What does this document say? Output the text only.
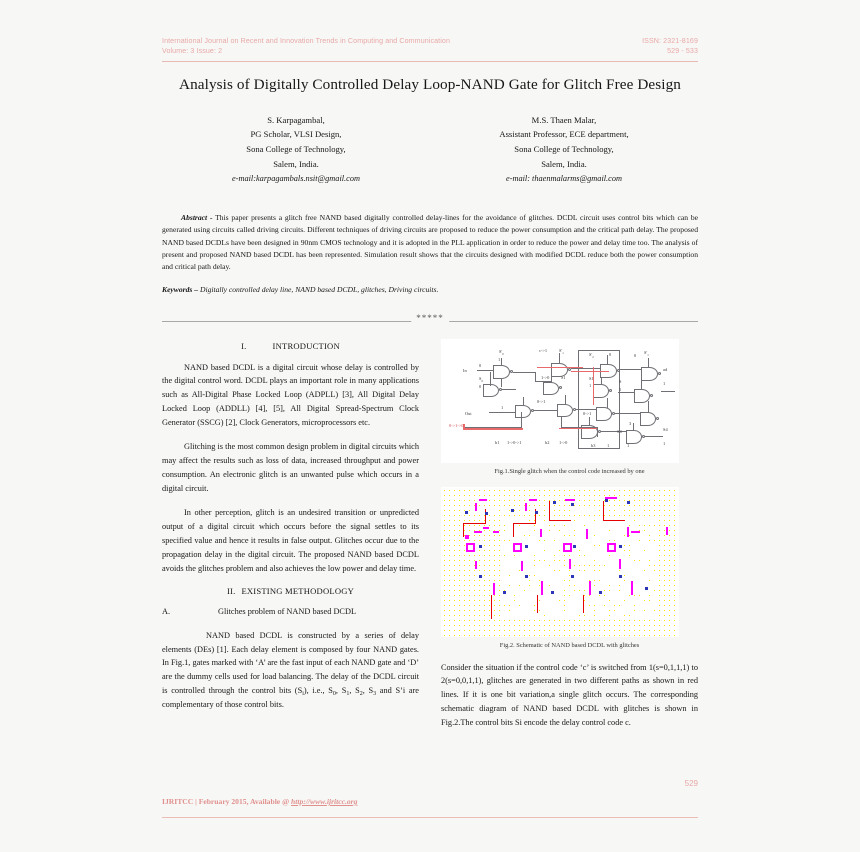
International Journal on Recent and Innovation Trends in Computing and Communication
Volume: 3 Issue: 2
ISSN: 2321-8169
529 - 533
Analysis of Digitally Controlled Delay Loop-NAND Gate for Glitch Free Design
S. Karpagambal,
PG Scholar, VLSI Design,
Sona College of Technology,
Salem, India.
e-mail:karpagambals.nsit@gmail.com
M.S. Thaen Malar,
Assistant Professor, ECE department,
Sona College of Technology,
Salem, India.
e-mail: thaenmalarms@gmail.com

Abstract - This paper presents a glitch free NAND based digitally controlled delay-lines for the avoidance of glitches. DCDL circuit uses control bits which can be generated using circuits called driving circuits. Different techniques of driving circuits are proposed to reduce the power consumption and the critical path delay. The proposed NAND based DCDLs have been designed in 90nm CMOS technology and it is adopted in the PLL application in order to reduce the power and delay time too. The analysis of present and proposed NAND based DCDL has been represented. Simulation result shows that the circuits designed with modified DCDL reduce both the power consumption and critical path delay.

Keywords – Digitally controlled delay line, NAND based DCDL, glitches, Driving circuits.

*****
I.	INTRODUCTION

NAND based DCDL is a digital circuit whose delay is controlled by the digital control word. DCDL plays an important role in many applications such as All-Digital Phase Locked Loop (ADPLL) [3], All Digital Delay Locked Loop (ADDLL) [4], [5], All Digital Spread-Spectrum Clock Generator (SSCG) [2], Clock Generators, microprocessors etc.

Glitching is the most common design problem in digital circuits which may affect the results such as loss of data, increased throughput and power consumption. An electronic glitch is an unwanted pulse which occurs in a digital circuit.

In other perception, glitch is an undesired transition or unpredicted output of a digital circuit which occurs before the signal settles to its specified value and hence it results in false output. Glitches occur due to the propagation delay in the digital circuit. The proposed NAND based DCDL avoids the glitches problem and also achieves the low power and delay time.

II. EXISTING METHODOLOGY
A.	Glitches problem of NAND based DCDL

NAND based DCDL is constructed by a series of delay elements (DEs) [1]. Each delay element is composed by four NAND gates. In Fig.1, gates marked with ‘A’ are the fast input of each NAND gate and ‘D’ are the dummy cells used for load balancing. The delay of the DCDL circuit is controlled through the control bits $(S_i)$, i.e., $S_0$, $S_1$, $S_2$, $S_3$ and S’i are complementary of those control bits.

$S'_0$
1
0
In
$S_0$
0
c->1	$S'_1$
1->0	S1
$S'_2$	0
S1
1
0
$S'_1$
ad
1
S
1
1
0->1
0->1
Out
0->1->0
b1 1->0->1	b2 1->0
b3	1	1
3
S4
1
S4
Fig.1.Single glitch when the control code increased by one
Fig.2. Schematic of NAND based DCDL with glitches

Consider the situation if the control code ‘c’ is switched from 1(s=0,1,1,1) to 2(s=0,0,1,1), glitches are generated in two different paths as shown in red lines. If it is one bit variation,a single glitch occurs. The corresponding schematic diagram of NAND based DCDL with glitches is shown in Fig.2.The control bits Si encode the delay control code c.

529
IJRITCC | February 2015, Available @ http://www.ijritcc.org
